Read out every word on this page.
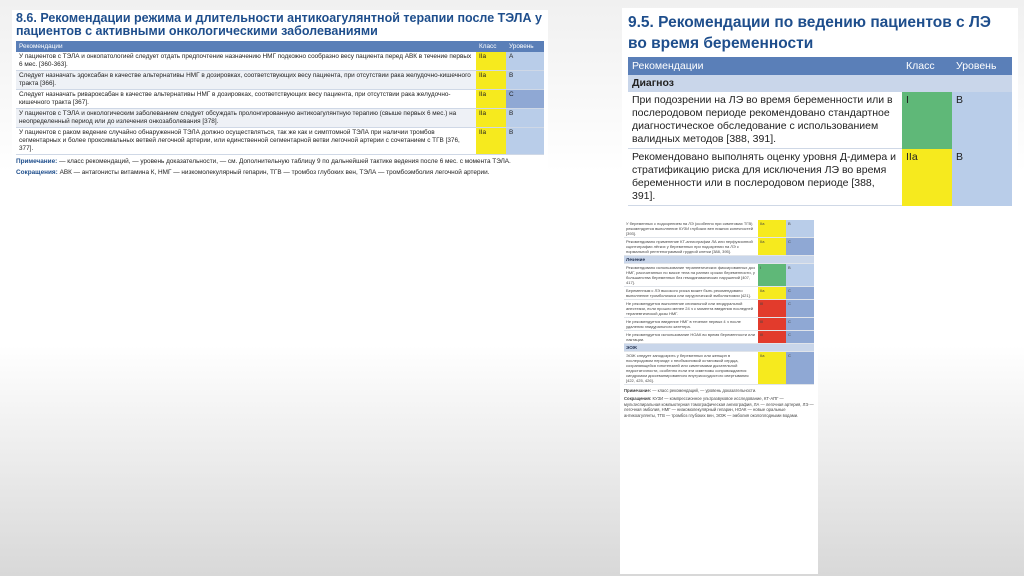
8.6. Рекомендации режима и длительности антикоагулянтной терапии после ТЭЛА у пациентов с активными онкологическими заболеваниями
Рекомендации	Класс	Уровень
У пациентов с ТЭЛА и онкопатологией следует отдать предпочтение назначению НМГ подкожно сообразно весу пациента перед АВК в течение первых 6 мес. [360-363].	IIa	A
Следует назначать эдоксабан в качестве альтернативы НМГ в дозировках, соответствующих весу пациента, при отсутствии рака желудочно-кишечного тракта [366].	IIa	B
Следует назначать ривароксабан в качестве альтернативы НМГ в дозировках, соответствующих весу пациента, при отсутствии рака желудочно-кишечного тракта [367].	IIa	C
У пациентов с ТЭЛА и онкологическим заболеванием следует обсуждать пролонгированную антикоагулянтную терапию (свыше первых 6 мес.) на неопределенный период или до излечения онкозаболевания [378].	IIa	B
У пациентов с раком ведение случайно обнаруженной ТЭЛА должно осуществляться, так же как и симптомной ТЭЛА при наличии тромбов сегментарных и более проксимальных ветвей легочной артерии, или единственной сегментарной ветви легочной артерии с сочетанием с ТГВ [376, 377].	IIa	B
Примечание: — класс рекомендаций, — уровень доказательности, — см. Дополнительную таблицу 9 по дальнейшей тактике ведения после 6 мес. с момента ТЭЛА.
Сокращения: АВК — антагонисты витамина К, НМГ — низкомолекулярный гепарин, ТГВ — тромбоз глубоких вен, ТЭЛА — тромбоэмболия легочной артерии.
9.5. Рекомендации по ведению пациентов с ЛЭ во время беременности
Рекомендации	Класс	Уровень
Диагноз		
При подозрении на ЛЭ во время беременности или в послеродовом периоде рекомендовано стандартное диагностическое обследование с использованием валидных методов [388, 391].	I	B
Рекомендовано выполнять оценку уровня Д-димера и стратификацию риска для исключения ЛЭ во время беременности или в послеродовом периоде [388, 391].	IIa	B
У беременных с подозрением на ЛЭ (особенно при симптомах ТГВ) рекомендуется выполнение КУЗИ глубоких вен нижних конечностей [393].	IIa	B
Рекомендовано применение КТ-ангиографии ЛА или перфузионной сцинтиграфии лёгких у беременных при подозрении на ЛЭ с нормальной рентгенограммой грудной клетки [388, 395].	IIa	C
Лечение		
Рекомендовано использование терапевтических фиксированных доз НМГ, рассчитанных по массе тела на ранних сроках беременности, у большинства беременных без гемодинамических нарушений [407, 417].	I	B
Беременным с ЛЭ высокого риска может быть рекомендовано выполнение тромболизиса или хирургической эмболэктомии [421].	IIa	C
Не рекомендуется выполнение спинальной или эпидуральной анестезии, если прошло менее 24 ч с момента введения последней терапевтической дозы НМГ.	III	C
Не рекомендуется введение НМГ в течение первых 4 ч после удаления эпидурального катетера.	III	C
Не рекомендуется использование НОАК во время беременности или лактации.	III	C
ЭОЖ		
ЭОЖ следует заподозрить у беременных или женщин в послеродовом периоде с необъяснимой остановкой сердца, сохраняющейся гипотензией или симптомами дыхательной недостаточности, особенно если эти симптомы сопровождаются синдромом диссеминированного внутрисосудистого свертывания [422, 425, 426].	IIa	C
Примечание: — класс рекомендаций, — уровень доказательности.
Сокращения: КУЗИ — компрессионное ультразвуковое исследование, КТ-АПГ — мультиспиральная компьютерная томографическая ангиография, ЛА — легочная артерия, ЛЭ — легочная эмболия, НМГ — низкомолекулярный гепарин, НОАК — новые оральные антикоагулянты, ТГВ — тромбоз глубоких вен, ЭОЖ — эмболия околоплодными водами.
